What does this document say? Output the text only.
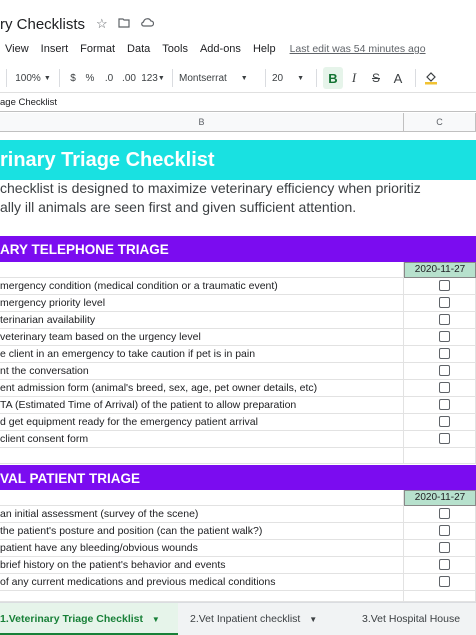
ry Checklists ☆
View Insert Format Data Tools Add-ons Help Last edit was 54 minutes ago
100% ▼	$ %	.0 .00 123 ▼ Montserrat ▼ 20 ▼	B	I	S	A
age Checklist
B	C
rinary Triage Checklist
checklist is designed to maximize veterinary efficiency when prioritiz
ally ill animals are seen first and given sufficient attention.
ARY TELEPHONE TRIAGE
2020-11-27
mergency condition (medical condition or a traumatic event)
mergency priority level
terinarian availability
veterinary team based on the urgency level
e client in an emergency to take caution if pet is in pain
nt the conversation
ent admission form (animal's breed, sex, age, pet owner details, etc)
TA (Estimated Time of Arrival) of the patient to allow preparation
d get equipment ready for the emergency patient arrival
client consent form
VAL PATIENT TRIAGE
2020-11-27
an initial assessment (survey of the scene)
the patient's posture and position (can the patient walk?)
patient have any bleeding/obvious wounds
brief history on the patient's behavior and events
of any current medications and previous medical conditions
1.Veterinary Triage Checklist ▼	2.Vet Inpatient checklist ▼	3.Vet Hospital House
